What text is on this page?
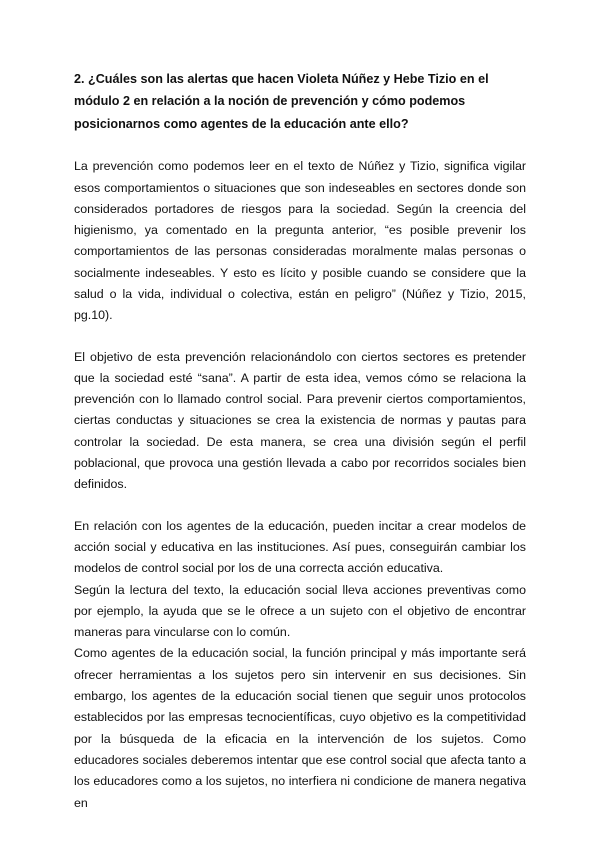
2. ¿Cuáles son las alertas que hacen Violeta Núñez y Hebe Tizio en el módulo 2 en relación a la noción de prevención y cómo podemos posicionarnos como agentes de la educación ante ello?

La prevención como podemos leer en el texto de Núñez y Tizio, significa vigilar esos comportamientos o situaciones que son indeseables en sectores donde son considerados portadores de riesgos para la sociedad. Según la creencia del higienismo, ya comentado en la pregunta anterior, “es posible prevenir los comportamientos de las personas consideradas moralmente malas personas o socialmente indeseables. Y esto es lícito y posible cuando se considere que la salud o la vida, individual o colectiva, están en peligro” (Núñez y Tizio, 2015, pg.10).

El objetivo de esta prevención relacionándolo con ciertos sectores es pretender que la sociedad esté “sana”. A partir de esta idea, vemos cómo se relaciona la prevención con lo llamado control social. Para prevenir ciertos comportamientos, ciertas conductas y situaciones se crea la existencia de normas y pautas para controlar la sociedad. De esta manera, se crea una división según el perfil poblacional, que provoca una gestión llevada a cabo por recorridos sociales bien definidos.

En relación con los agentes de la educación, pueden incitar a crear modelos de acción social y educativa en las instituciones. Así pues, conseguirán cambiar los modelos de control social por los de una correcta acción educativa.

Según la lectura del texto, la educación social lleva acciones preventivas como por ejemplo, la ayuda que se le ofrece a un sujeto con el objetivo de encontrar maneras para vincularse con lo común.

Como agentes de la educación social, la función principal y más importante será ofrecer herramientas a los sujetos pero sin intervenir en sus decisiones. Sin embargo, los agentes de la educación social tienen que seguir unos protocolos establecidos por las empresas tecnocientíficas, cuyo objetivo es la competitividad por la búsqueda de la eficacia en la intervención de los sujetos. Como educadores sociales deberemos intentar que ese control social que afecta tanto a los educadores como a los sujetos, no interfiera ni condicione de manera negativa en
